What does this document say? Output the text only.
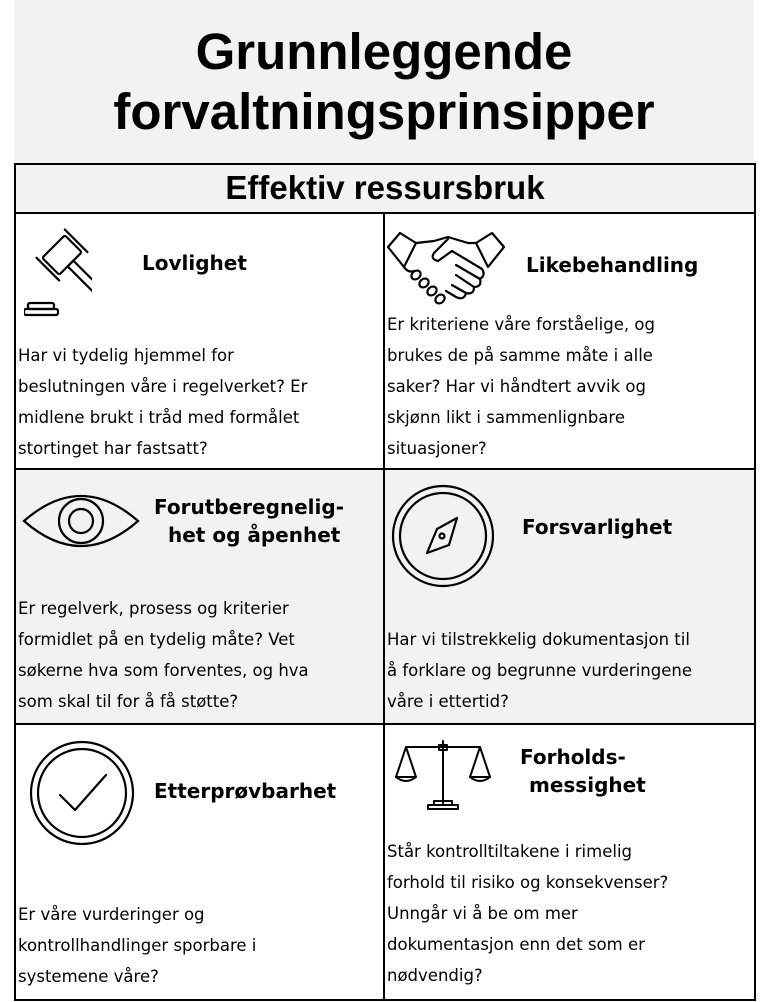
Grunnleggende
forvaltningsprinsipper
Effektiv ressursbruk
Lovlighet
Har vi tydelig hjemmel for
beslutningen våre i regelverket? Er
midlene brukt i tråd med formålet
stortinget har fastsatt?
Likebehandling
Er kriteriene våre forståelige, og
brukes de på samme måte i alle
saker? Har vi håndtert avvik og
skjønn likt i sammenlignbare
situasjoner?
Forutberegnelig-
het og åpenhet
Er regelverk, prosess og kriterier
formidlet på en tydelig måte? Vet
søkerne hva som forventes, og hva
som skal til for å få støtte?
Forsvarlighet
Har vi tilstrekkelig dokumentasjon til
å forklare og begrunne vurderingene
våre i ettertid?
Etterprøvbarhet
Er våre vurderinger og
kontrollhandlinger sporbare i
systemene våre?
Forholds-
messighet
Står kontrolltiltakene i rimelig
forhold til risiko og konsekvenser?
Unngår vi å be om mer
dokumentasjon enn det som er
nødvendig?
